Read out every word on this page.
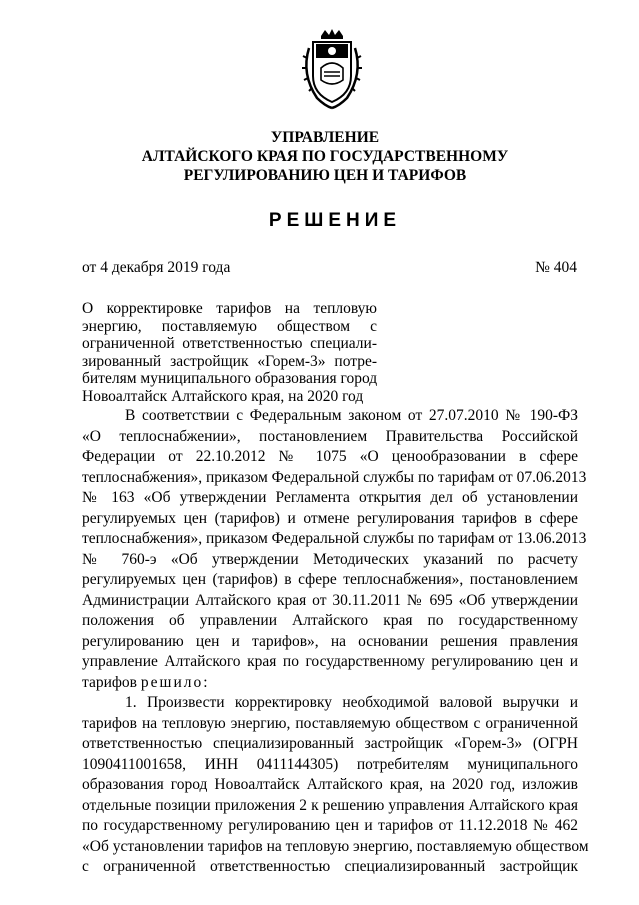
УПРАВЛЕНИЕ
АЛТАЙСКОГО КРАЯ ПО ГОСУДАРСТВЕННОМУ
РЕГУЛИРОВАНИЮ ЦЕН И ТАРИФОВ
РЕШЕНИЕ
от 4 декабря 2019 года	№ 404
О корректировке тарифов на тепловую
энергию, поставляемую обществом с
ограниченной ответственностью специали-
зированный застройщик «Горем-3» потре-
бителям муниципального образования город
Новоалтайск Алтайского края, на 2020 год
В соответствии с Федеральным законом от 27.07.2010 № 190-ФЗ
«О теплоснабжении», постановлением Правительства Российской
Федерации от 22.10.2012 № 1075 «О ценообразовании в сфере
теплоснабжения», приказом Федеральной службы по тарифам от 07.06.2013
№ 163 «Об утверждении Регламента открытия дел об установлении
регулируемых цен (тарифов) и отмене регулирования тарифов в сфере
теплоснабжения», приказом Федеральной службы по тарифам от 13.06.2013
№ 760-э «Об утверждении Методических указаний по расчету
регулируемых цен (тарифов) в сфере теплоснабжения», постановлением
Администрации Алтайского края от 30.11.2011 № 695 «Об утверждении
положения об управлении Алтайского края по государственному
регулированию цен и тарифов», на основании решения правления
управление Алтайского края по государственному регулированию цен и
тарифов решило:
1. Произвести корректировку необходимой валовой выручки и
тарифов на тепловую энергию, поставляемую обществом с ограниченной
ответственностью специализированный застройщик «Горем-3» (ОГРН
1090411001658, ИНН 0411144305) потребителям муниципального
образования город Новоалтайск Алтайского края, на 2020 год, изложив
отдельные позиции приложения 2 к решению управления Алтайского края
по государственному регулированию цен и тарифов от 11.12.2018 № 462
«Об установлении тарифов на тепловую энергию, поставляемую обществом
с ограниченной ответственностью специализированный застройщик
